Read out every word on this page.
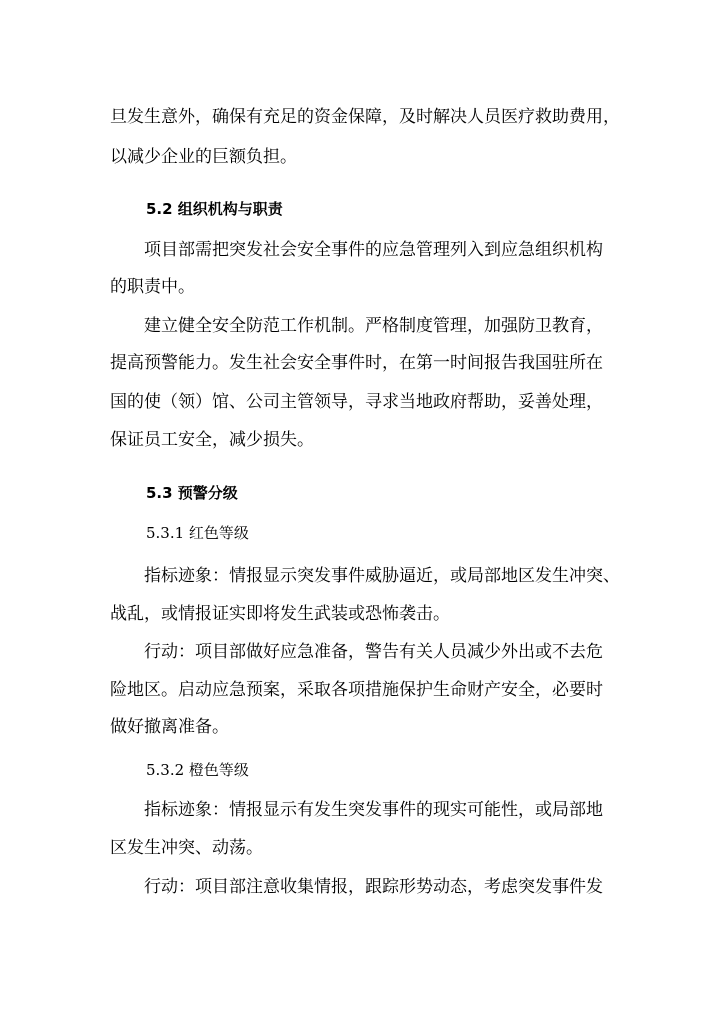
旦发生意外，确保有充足的资金保障，及时解决人员医疗救助费用，
以减少企业的巨额负担。
5.2 组织机构与职责
项目部需把突发社会安全事件的应急管理列入到应急组织机构
的职责中。
建立健全安全防范工作机制。严格制度管理，加强防卫教育，
提高预警能力。发生社会安全事件时，在第一时间报告我国驻所在
国的使（领）馆、公司主管领导，寻求当地政府帮助，妥善处理，
保证员工安全，减少损失。
5.3 预警分级
5.3.1 红色等级
指标迹象：情报显示突发事件威胁逼近，或局部地区发生冲突、
战乱，或情报证实即将发生武装或恐怖袭击。
行动：项目部做好应急准备，警告有关人员减少外出或不去危
险地区。启动应急预案，采取各项措施保护生命财产安全，必要时
做好撤离准备。
5.3.2 橙色等级
指标迹象：情报显示有发生突发事件的现实可能性，或局部地
区发生冲突、动荡。
行动：项目部注意收集情报，跟踪形势动态，考虑突发事件发
